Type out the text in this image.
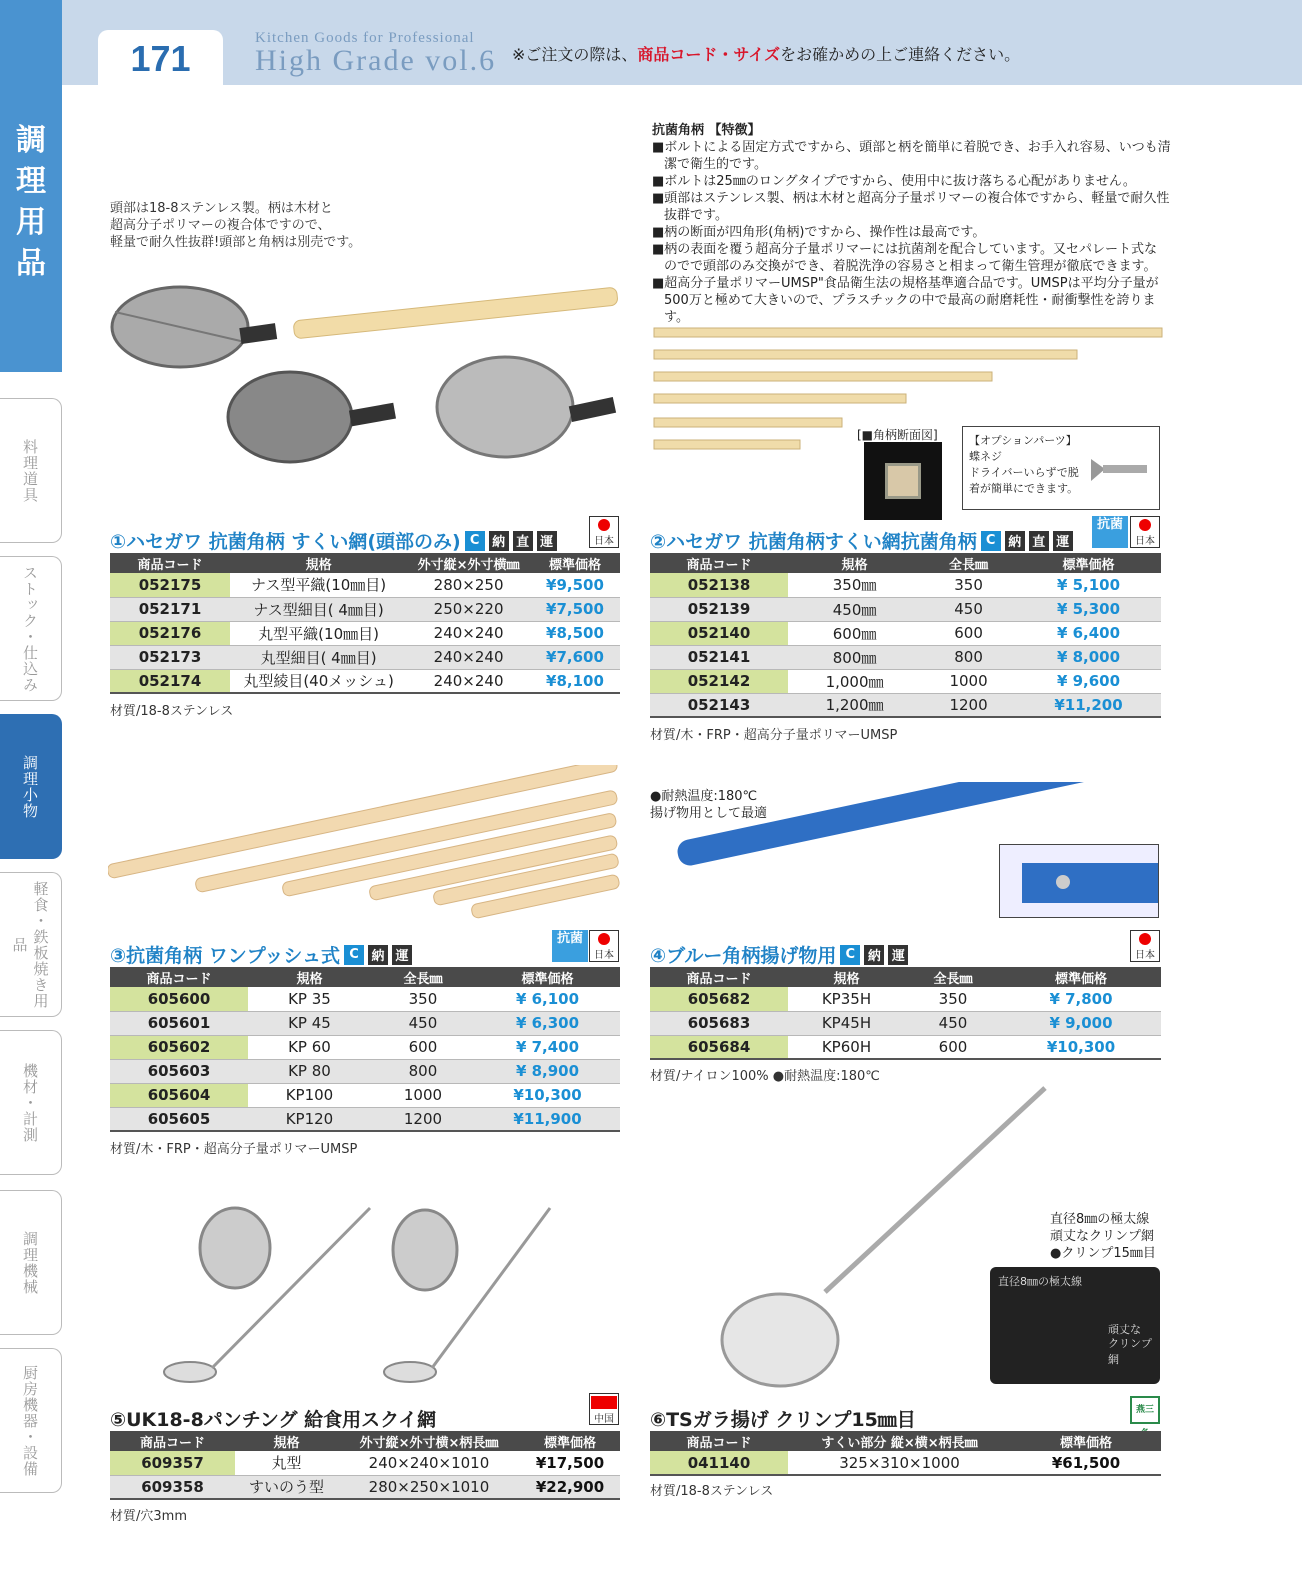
171	Kitchen Goods for Professional
High Grade vol.6 ※ご注文の際は、商品コード・サイズをお確かめの上ご連絡ください。
調
理
用
品
料理道具
ストック・仕込み
調理小物
軽食・鉄板焼き用品
機材・計測
調理機械
厨房機器・設備
頭部は18-8ステンレス製。柄は木材と
超高分子ポリマーの複合体ですので、
軽量で耐久性抜群!頭部と角柄は別売です。
①ハセガワ 抗菌角柄 すくい網(頭部のみ) C 納 直 運	日本
商品コード	規格	外寸縦×外寸横㎜	標準価格
052175	ナス型平織(10㎜目)	280×250	¥9,500
052171	ナス型細目( 4㎜目)	250×220	¥7,500
052176	丸型平織(10㎜目)	240×240	¥8,500
052173	丸型細目( 4㎜目)	240×240	¥7,600
052174	丸型綾目(40メッシュ)	240×240	¥8,100
材質/18-8ステンレス
抗菌角柄 【特徴】
■ボルトによる固定方式ですから、頭部と柄を簡単に着脱でき、お手入れ容易、いつも清
潔で衛生的です。
■ボルトは25㎜のロングタイプですから、使用中に抜け落ちる心配がありません。
■頭部はステンレス製、柄は木材と超高分子量ポリマーの複合体ですから、軽量で耐久性
抜群です。
■柄の断面が四角形(角柄)ですから、操作性は最高です。
■柄の表面を覆う超高分子量ポリマーには抗菌剤を配合しています。又セパレート式な
のでで頭部のみ交換ができ、着脱洗浄の容易さと相まって衛生管理が徹底できます。
■超高分子量ポリマーUMSP"食品衛生法の規格基準適合品です。UMSPは平均分子量が
500万と極めて大きいので、プラスチックの中で最高の耐磨耗性・耐衝撃性を誇ります。
[■角柄断面図]	【オプションパーツ】
蝶ネジ
ドライバーいらずで脱
着が簡単にできます。
②ハセガワ 抗菌角柄すくい網抗菌角柄 C 納 直 運
抗菌
日本
商品コード	規格	全長㎜	標準価格
052138	350㎜	350	¥ 5,100
052139	450㎜	450	¥ 5,300
052140	600㎜	600	¥ 6,400
052141	800㎜	800	¥ 8,000
052142	1,000㎜	1000	¥ 9,600
052143	1,200㎜	1200	¥11,200
材質/木・FRP・超高分子量ポリマーUMSP
③抗菌角柄 ワンプッシュ式 C 納 運
抗菌
日本
商品コード	規格	全長㎜	標準価格
605600	KP 35	350	¥ 6,100
605601	KP 45	450	¥ 6,300
605602	KP 60	600	¥ 7,400
605603	KP 80	800	¥ 8,900
605604	KP100	1000	¥10,300
605605	KP120	1200	¥11,900
材質/木・FRP・超高分子量ポリマーUMSP
●耐熱温度:180℃
揚げ物用として最適
④ブルー角柄揚げ物用 C 納 運	日本
商品コード	規格	全長㎜	標準価格
605682	KP35H	350	¥ 7,800
605683	KP45H	450	¥ 9,000
605684	KP60H	600	¥10,300
材質/ナイロン100% ●耐熱温度:180℃
⑤UK18-8パンチング 給食用スクイ網	中国
商品コード	規格	外寸縦×外寸横×柄長㎜	標準価格
609357	丸型	240×240×1010	¥17,500
609358	すいのう型	280×250×1010	¥22,900
材質/穴3mm
直径8㎜の極太線
頑丈なクリンプ網
●クリンプ15㎜目
直径8㎜の極太線
頑丈な
クリンプ網
⑥TSガラ揚げ クリンプ15㎜目	燕三
商品コード	すくい部分 縦×横×柄長㎜	標準価格
041140	325×310×1000	¥61,500
材質/18-8ステンレス
